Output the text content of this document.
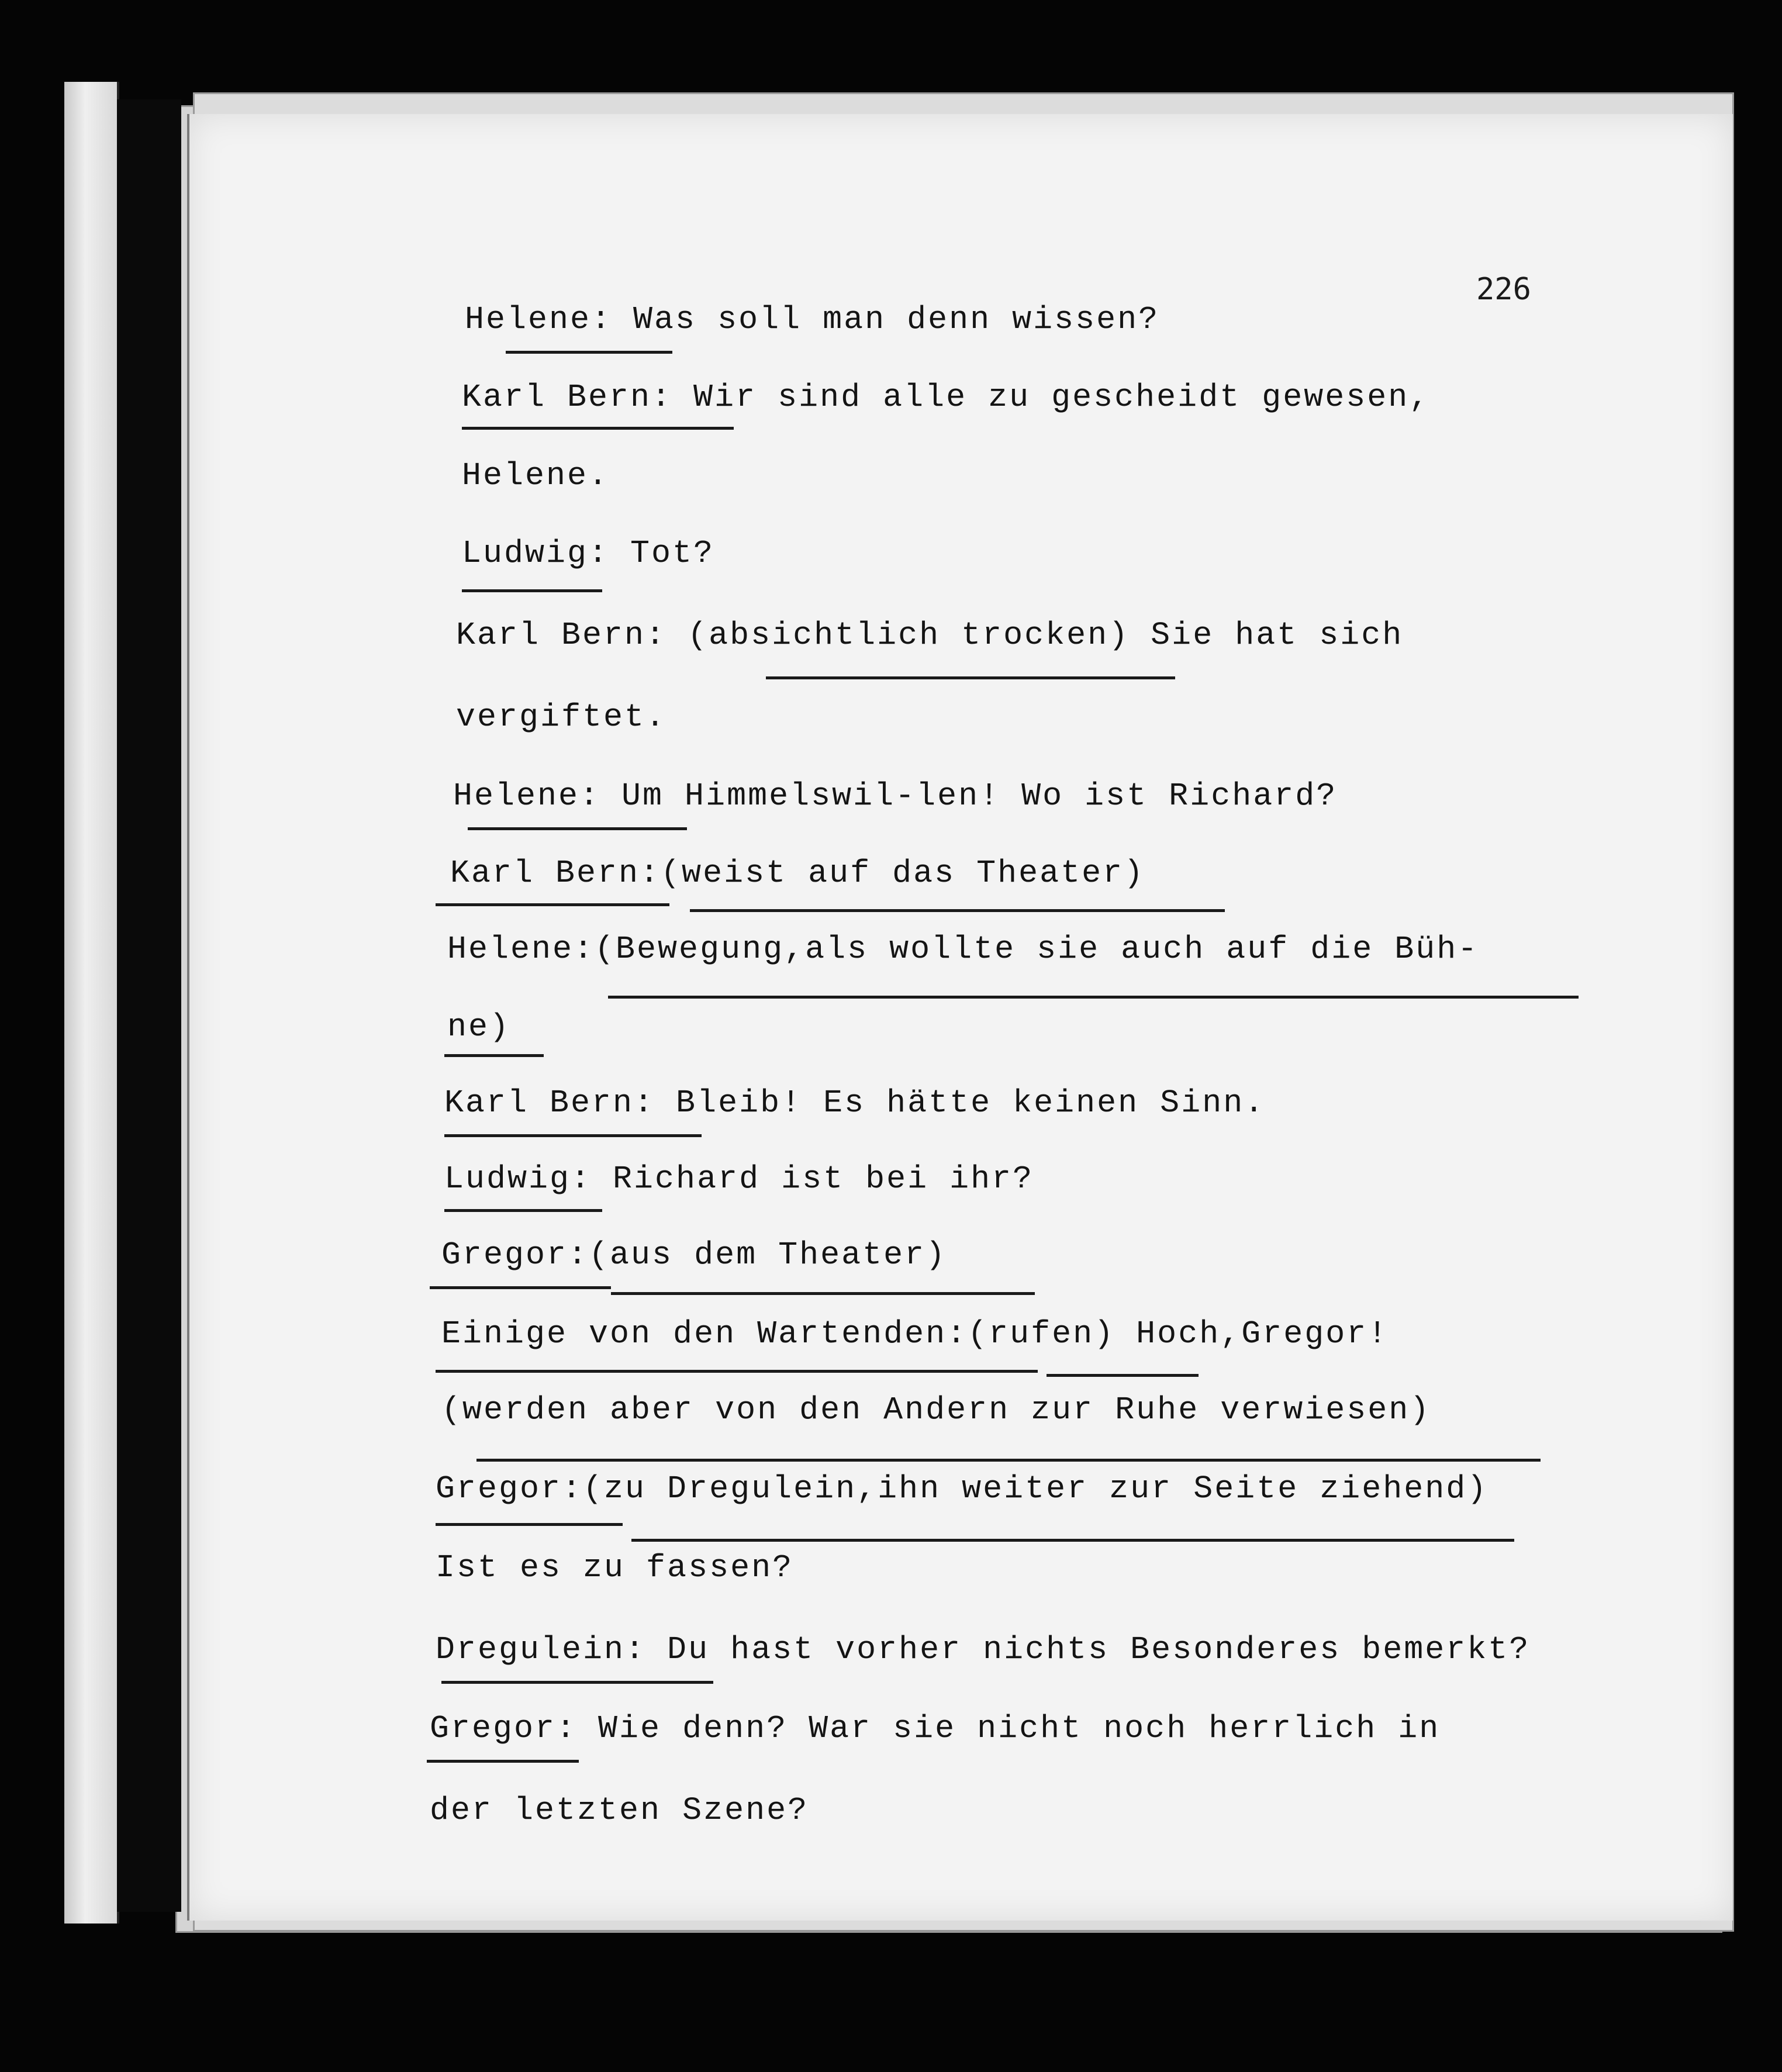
226
Helene: Was soll man denn wissen?
Karl Bern: Wir sind alle zu gescheidt gewesen,
Helene.
Ludwig: Tot?
Karl Bern: (absichtlich trocken) Sie hat sich
vergiftet.
Helene: Um Himmelswil-len! Wo ist Richard?
Karl Bern:(weist auf das Theater)
Helene:(Bewegung,als wollte sie auch auf die Büh-
ne)
Karl Bern: Bleib! Es hätte keinen Sinn.
Ludwig: Richard ist bei ihr?
Gregor:(aus dem Theater)
Einige von den Wartenden:(rufen) Hoch,Gregor!
(werden aber von den Andern zur Ruhe verwiesen)
Gregor:(zu Dregulein,ihn weiter zur Seite ziehend)
Ist es zu fassen?
Dregulein: Du hast vorher nichts Besonderes bemerkt?
Gregor: Wie denn? War sie nicht noch herrlich in
der letzten Szene?
